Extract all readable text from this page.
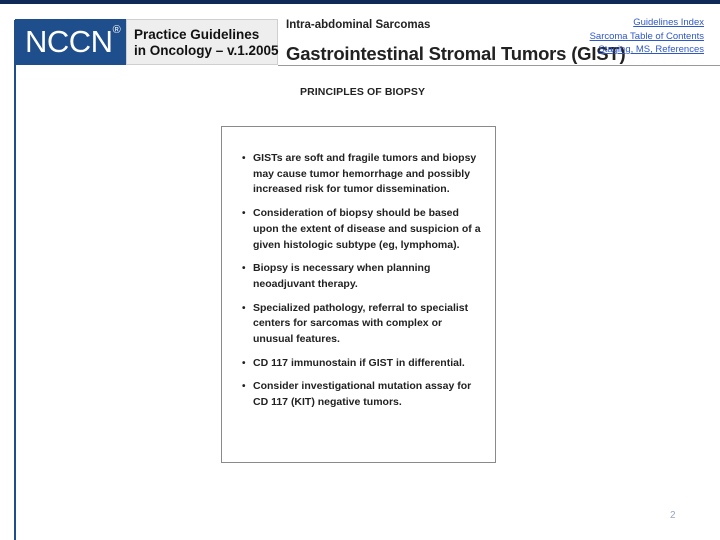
NCCN®	Practice Guidelines
in Oncology – v.1.2005
Intra-abdominal Sarcomas
Gastrointestinal Stromal Tumors (GIST)
Guidelines Index
Sarcoma Table of Contents
Staging, MS, References
PRINCIPLES OF BIOPSY
• GISTs are soft and fragile tumors and biopsy may cause tumor hemorrhage and possibly increased risk for tumor dissemination.
• Consideration of biopsy should be based upon the extent of disease and suspicion of a given histologic subtype (eg, lymphoma).
• Biopsy is necessary when planning neoadjuvant therapy.
• Specialized pathology, referral to specialist centers for sarcomas with complex or unusual features.
• CD 117 immunostain if GIST in differential.
• Consider investigational mutation assay for CD 117 (KIT) negative tumors.
2
